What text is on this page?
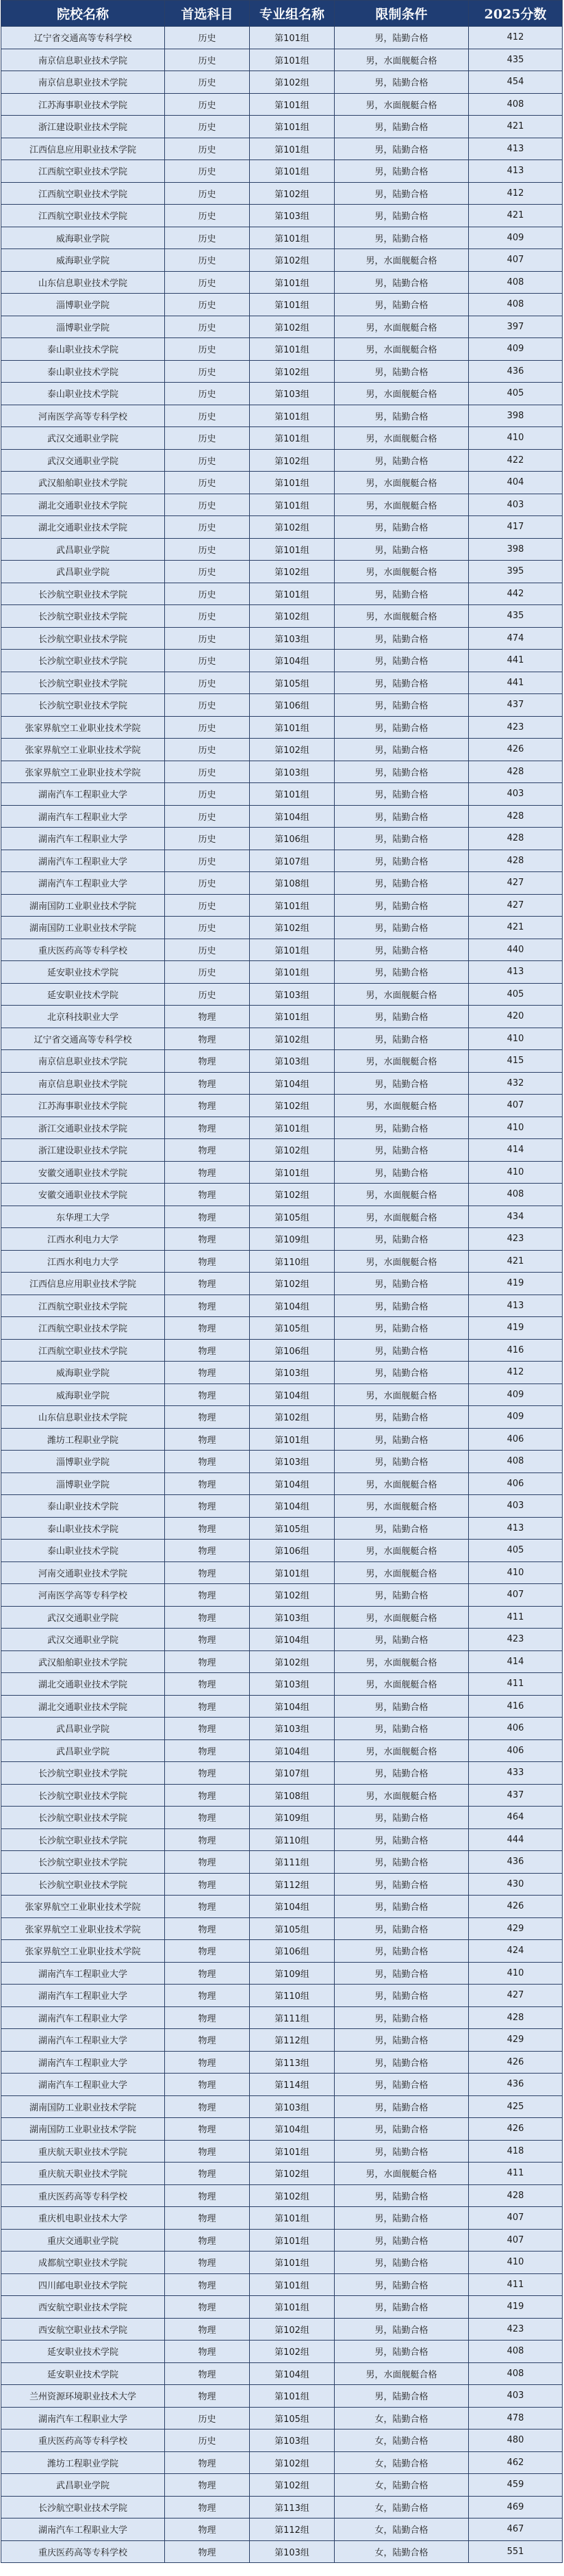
院校名称	首选科目	专业组名称	限制条件	2025分数
辽宁省交通高等专科学校	历史	第101组	男，陆勤合格	412
南京信息职业技术学院	历史	第101组	男，水面舰艇合格	435
南京信息职业技术学院	历史	第102组	男，陆勤合格	454
江苏海事职业技术学院	历史	第101组	男，水面舰艇合格	408
浙江建设职业技术学院	历史	第101组	男，陆勤合格	421
江西信息应用职业技术学院	历史	第101组	男，陆勤合格	413
江西航空职业技术学院	历史	第101组	男，陆勤合格	413
江西航空职业技术学院	历史	第102组	男，陆勤合格	412
江西航空职业技术学院	历史	第103组	男，陆勤合格	421
威海职业学院	历史	第101组	男，陆勤合格	409
威海职业学院	历史	第102组	男，水面舰艇合格	407
山东信息职业技术学院	历史	第101组	男，陆勤合格	408
淄博职业学院	历史	第101组	男，陆勤合格	408
淄博职业学院	历史	第102组	男，水面舰艇合格	397
泰山职业技术学院	历史	第101组	男，水面舰艇合格	409
泰山职业技术学院	历史	第102组	男，陆勤合格	436
泰山职业技术学院	历史	第103组	男，水面舰艇合格	405
河南医学高等专科学校	历史	第101组	男，陆勤合格	398
武汉交通职业学院	历史	第101组	男，水面舰艇合格	410
武汉交通职业学院	历史	第102组	男，陆勤合格	422
武汉船舶职业技术学院	历史	第101组	男，水面舰艇合格	404
湖北交通职业技术学院	历史	第101组	男，水面舰艇合格	403
湖北交通职业技术学院	历史	第102组	男，陆勤合格	417
武昌职业学院	历史	第101组	男，陆勤合格	398
武昌职业学院	历史	第102组	男，水面舰艇合格	395
长沙航空职业技术学院	历史	第101组	男，陆勤合格	442
长沙航空职业技术学院	历史	第102组	男，水面舰艇合格	435
长沙航空职业技术学院	历史	第103组	男，陆勤合格	474
长沙航空职业技术学院	历史	第104组	男，陆勤合格	441
长沙航空职业技术学院	历史	第105组	男，陆勤合格	441
长沙航空职业技术学院	历史	第106组	男，陆勤合格	437
张家界航空工业职业技术学院	历史	第101组	男，陆勤合格	423
张家界航空工业职业技术学院	历史	第102组	男，陆勤合格	426
张家界航空工业职业技术学院	历史	第103组	男，陆勤合格	428
湖南汽车工程职业大学	历史	第101组	男，陆勤合格	403
湖南汽车工程职业大学	历史	第104组	男，陆勤合格	428
湖南汽车工程职业大学	历史	第106组	男，陆勤合格	428
湖南汽车工程职业大学	历史	第107组	男，陆勤合格	428
湖南汽车工程职业大学	历史	第108组	男，陆勤合格	427
湖南国防工业职业技术学院	历史	第101组	男，陆勤合格	427
湖南国防工业职业技术学院	历史	第102组	男，陆勤合格	421
重庆医药高等专科学校	历史	第101组	男，陆勤合格	440
延安职业技术学院	历史	第101组	男，陆勤合格	413
延安职业技术学院	历史	第103组	男，水面舰艇合格	405
北京科技职业大学	物理	第101组	男，陆勤合格	420
辽宁省交通高等专科学校	物理	第102组	男，陆勤合格	410
南京信息职业技术学院	物理	第103组	男，水面舰艇合格	415
南京信息职业技术学院	物理	第104组	男，陆勤合格	432
江苏海事职业技术学院	物理	第102组	男，水面舰艇合格	407
浙江交通职业技术学院	物理	第101组	男，陆勤合格	410
浙江建设职业技术学院	物理	第102组	男，陆勤合格	414
安徽交通职业技术学院	物理	第101组	男，陆勤合格	410
安徽交通职业技术学院	物理	第102组	男，水面舰艇合格	408
东华理工大学	物理	第105组	男，水面舰艇合格	434
江西水利电力大学	物理	第109组	男，陆勤合格	423
江西水利电力大学	物理	第110组	男，水面舰艇合格	421
江西信息应用职业技术学院	物理	第102组	男，陆勤合格	419
江西航空职业技术学院	物理	第104组	男，陆勤合格	413
江西航空职业技术学院	物理	第105组	男，陆勤合格	419
江西航空职业技术学院	物理	第106组	男，陆勤合格	416
威海职业学院	物理	第103组	男，陆勤合格	412
威海职业学院	物理	第104组	男，水面舰艇合格	409
山东信息职业技术学院	物理	第102组	男，陆勤合格	409
潍坊工程职业学院	物理	第101组	男，陆勤合格	406
淄博职业学院	物理	第103组	男，陆勤合格	408
淄博职业学院	物理	第104组	男，水面舰艇合格	406
泰山职业技术学院	物理	第104组	男，水面舰艇合格	403
泰山职业技术学院	物理	第105组	男，陆勤合格	413
泰山职业技术学院	物理	第106组	男，水面舰艇合格	405
河南交通职业技术学院	物理	第101组	男，水面舰艇合格	410
河南医学高等专科学校	物理	第102组	男，陆勤合格	407
武汉交通职业学院	物理	第103组	男，水面舰艇合格	411
武汉交通职业学院	物理	第104组	男，陆勤合格	423
武汉船舶职业技术学院	物理	第102组	男，水面舰艇合格	414
湖北交通职业技术学院	物理	第103组	男，水面舰艇合格	411
湖北交通职业技术学院	物理	第104组	男，陆勤合格	416
武昌职业学院	物理	第103组	男，陆勤合格	406
武昌职业学院	物理	第104组	男，水面舰艇合格	406
长沙航空职业技术学院	物理	第107组	男，陆勤合格	433
长沙航空职业技术学院	物理	第108组	男，水面舰艇合格	437
长沙航空职业技术学院	物理	第109组	男，陆勤合格	464
长沙航空职业技术学院	物理	第110组	男，陆勤合格	444
长沙航空职业技术学院	物理	第111组	男，陆勤合格	436
长沙航空职业技术学院	物理	第112组	男，陆勤合格	430
张家界航空工业职业技术学院	物理	第104组	男，陆勤合格	426
张家界航空工业职业技术学院	物理	第105组	男，陆勤合格	429
张家界航空工业职业技术学院	物理	第106组	男，陆勤合格	424
湖南汽车工程职业大学	物理	第109组	男，陆勤合格	410
湖南汽车工程职业大学	物理	第110组	男，陆勤合格	427
湖南汽车工程职业大学	物理	第111组	男，陆勤合格	428
湖南汽车工程职业大学	物理	第112组	男，陆勤合格	429
湖南汽车工程职业大学	物理	第113组	男，陆勤合格	426
湖南汽车工程职业大学	物理	第114组	男，陆勤合格	436
湖南国防工业职业技术学院	物理	第103组	男，陆勤合格	425
湖南国防工业职业技术学院	物理	第104组	男，陆勤合格	426
重庆航天职业技术学院	物理	第101组	男，陆勤合格	418
重庆航天职业技术学院	物理	第102组	男，水面舰艇合格	411
重庆医药高等专科学校	物理	第102组	男，陆勤合格	428
重庆机电职业技术大学	物理	第101组	男，陆勤合格	407
重庆交通职业学院	物理	第101组	男，陆勤合格	407
成都航空职业技术学院	物理	第101组	男，陆勤合格	410
四川邮电职业技术学院	物理	第101组	男，陆勤合格	411
西安航空职业技术学院	物理	第101组	男，陆勤合格	419
西安航空职业技术学院	物理	第102组	男，陆勤合格	423
延安职业技术学院	物理	第102组	男，陆勤合格	408
延安职业技术学院	物理	第104组	男，水面舰艇合格	408
兰州资源环境职业技术大学	物理	第101组	男，陆勤合格	403
湖南汽车工程职业大学	历史	第105组	女，陆勤合格	478
重庆医药高等专科学校	历史	第103组	女，陆勤合格	480
潍坊工程职业学院	物理	第102组	女，陆勤合格	462
武昌职业学院	物理	第102组	女，陆勤合格	459
长沙航空职业技术学院	物理	第113组	女，陆勤合格	469
湖南汽车工程职业大学	物理	第112组	女，陆勤合格	467
重庆医药高等专科学校	物理	第103组	女，陆勤合格	551
